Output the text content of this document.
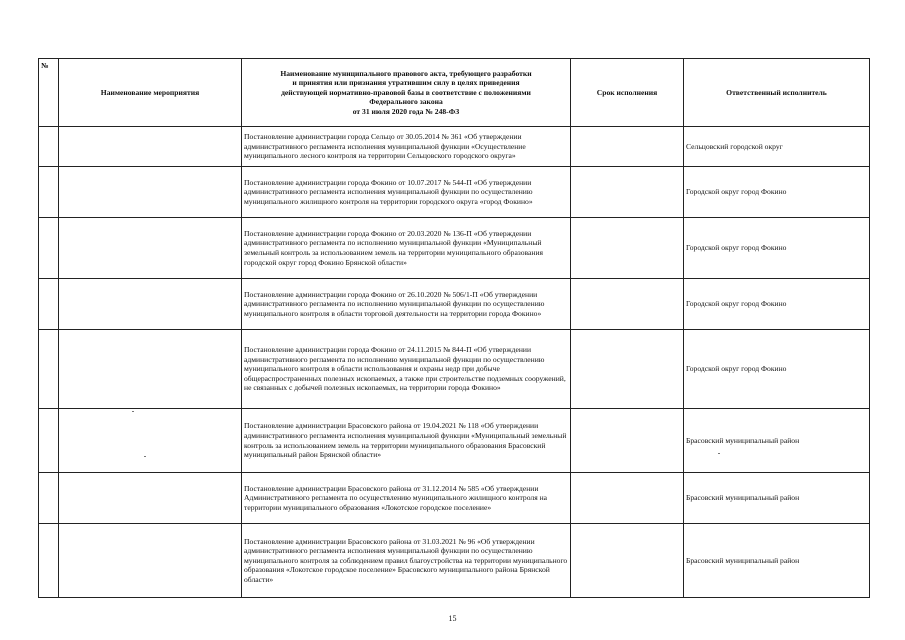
№	Наименование мероприятия	Наименование муниципального правового акта, требующего разработки
и принятия или признания утратившим силу в целях приведения
действующей нормативно-правовой базы в соответствие с положениями
Федерального закона
от 31 июля 2020 года № 248-ФЗ	Срок исполнения	Ответственный исполнитель
		Постановление администрации города Сельцо от 30.05.2014 № 361 «Об утверждении административного регламента исполнения муниципальной функции «Осуществление муниципального лесного контроля на территории Сельцовского городского округа»		Сельцовский городской округ
		Постановление администрации города Фокино от 10.07.2017 № 544-П «Об утверждении административного регламента исполнения муниципальной функции по осуществлению муниципального жилищного контроля на территории городского округа «город Фокино»		Городской округ город Фокино
		Постановление администрации города Фокино от 20.03.2020 № 136-П «Об утверждении административного регламента по исполнению муниципальной функции «Муниципальный земельный контроль за использованием земель на территории муниципального образования городской округ город Фокино Брянской области»		Городской округ город Фокино
		Постановление администрации города Фокино от 26.10.2020 № 506/1-П «Об утверждении административного регламента по исполнению муниципальной функции по осуществлению муниципального контроля в области торговой деятельности на территории города Фокино»		Городской округ город Фокино
		Постановление администрации города Фокино от 24.11.2015 № 844-П «Об утверждении административного регламента по исполнению муниципальной функции по осуществлению муниципального контроля в области использования и охраны недр при добыче общераспространенных полезных ископаемых, а также при строительстве подземных сооружений, не связанных с добычей полезных ископаемых, на территории города Фокино»		Городской округ город Фокино
		Постановление администрации Брасовского района от 19.04.2021 № 118 «Об утверждении административного регламента исполнения муниципальной функции «Муниципальный земельный контроль за использованием земель на территории муниципального образования Брасовский муниципальный район Брянской области»		Брасовский муниципальный район
		Постановление администрации Брасовского района от 31.12.2014 № 585 «Об утверждении Административного регламента по осуществлению муниципального жилищного контроля на территории муниципального образования «Локотское городское поселение»		Брасовский муниципальный район
		Постановление администрации Брасовского района от 31.03.2021 № 96 «Об утверждении административного регламента исполнения муниципальной функции по осуществлению муниципального контроля за соблюдением правил благоустройства на территории муниципального образования «Локотское городское поселение» Брасовского муниципального района Брянской области»		Брасовский муниципальный район
15
